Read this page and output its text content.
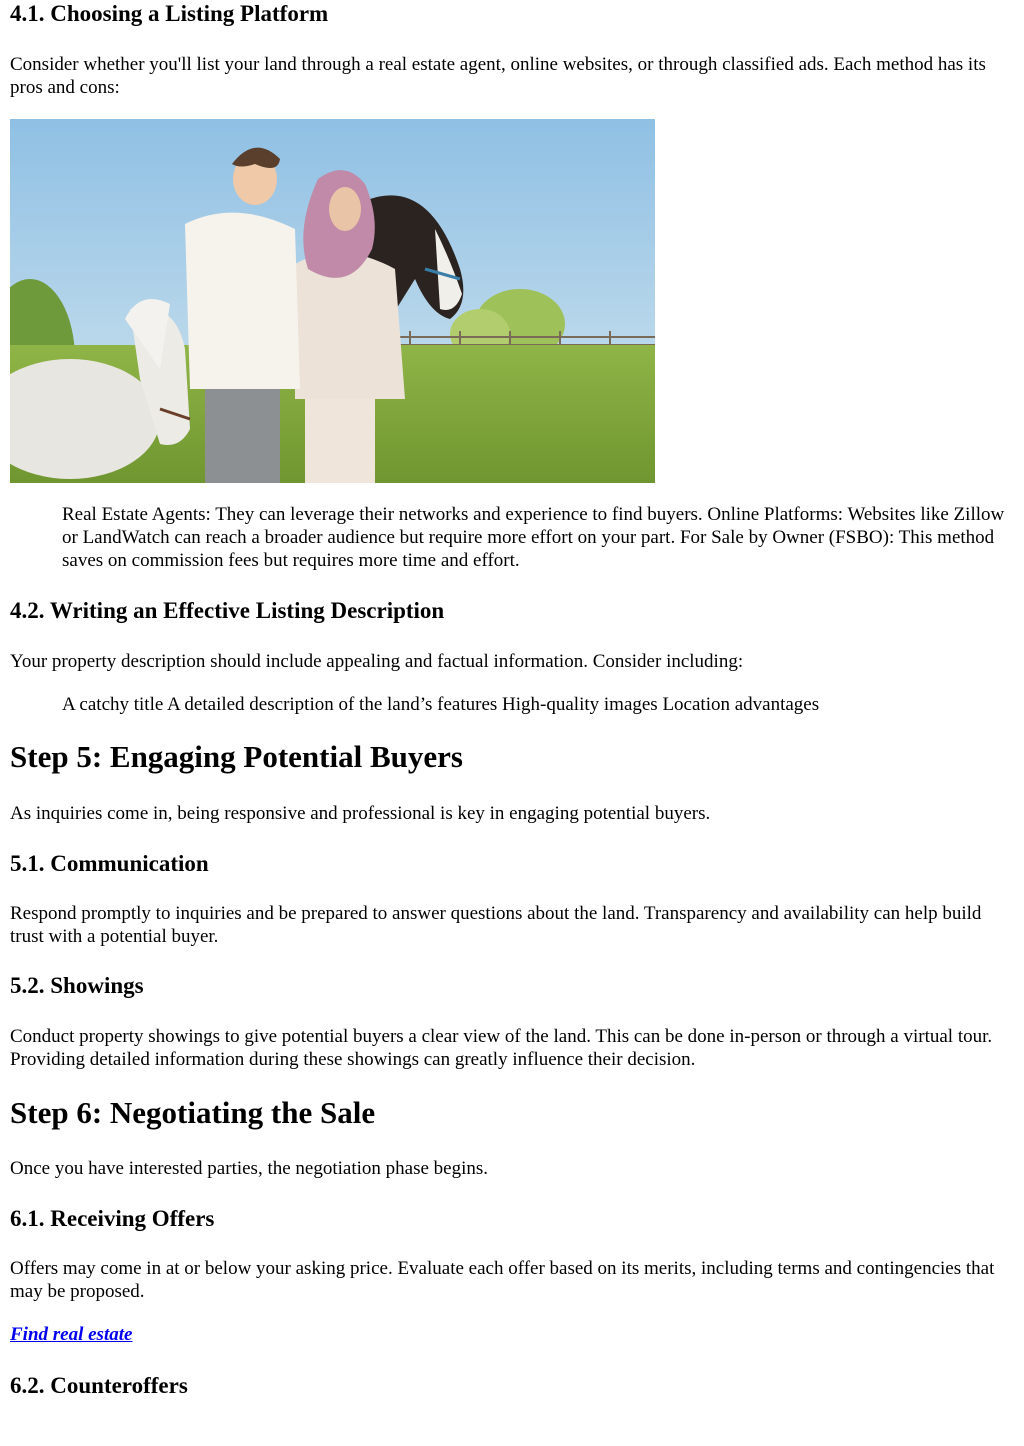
4.1. Choosing a Listing Platform

Consider whether you'll list your land through a real estate agent, online websites, or through classified ads. Each method has its pros and cons:

Real Estate Agents: They can leverage their networks and experience to find buyers. Online Platforms: Websites like Zillow or LandWatch can reach a broader audience but require more effort on your part. For Sale by Owner (FSBO): This method saves on commission fees but requires more time and effort.

4.2. Writing an Effective Listing Description

Your property description should include appealing and factual information. Consider including:

A catchy title A detailed description of the land’s features High-quality images Location advantages

Step 5: Engaging Potential Buyers

As inquiries come in, being responsive and professional is key in engaging potential buyers.

5.1. Communication

Respond promptly to inquiries and be prepared to answer questions about the land. Transparency and availability can help build trust with a potential buyer.

5.2. Showings

Conduct property showings to give potential buyers a clear view of the land. This can be done in-person or through a virtual tour. Providing detailed information during these showings can greatly influence their decision.

Step 6: Negotiating the Sale

Once you have interested parties, the negotiation phase begins.

6.1. Receiving Offers

Offers may come in at or below your asking price. Evaluate each offer based on its merits, including terms and contingencies that may be proposed.

Find real estate
6.2. Counteroffers
